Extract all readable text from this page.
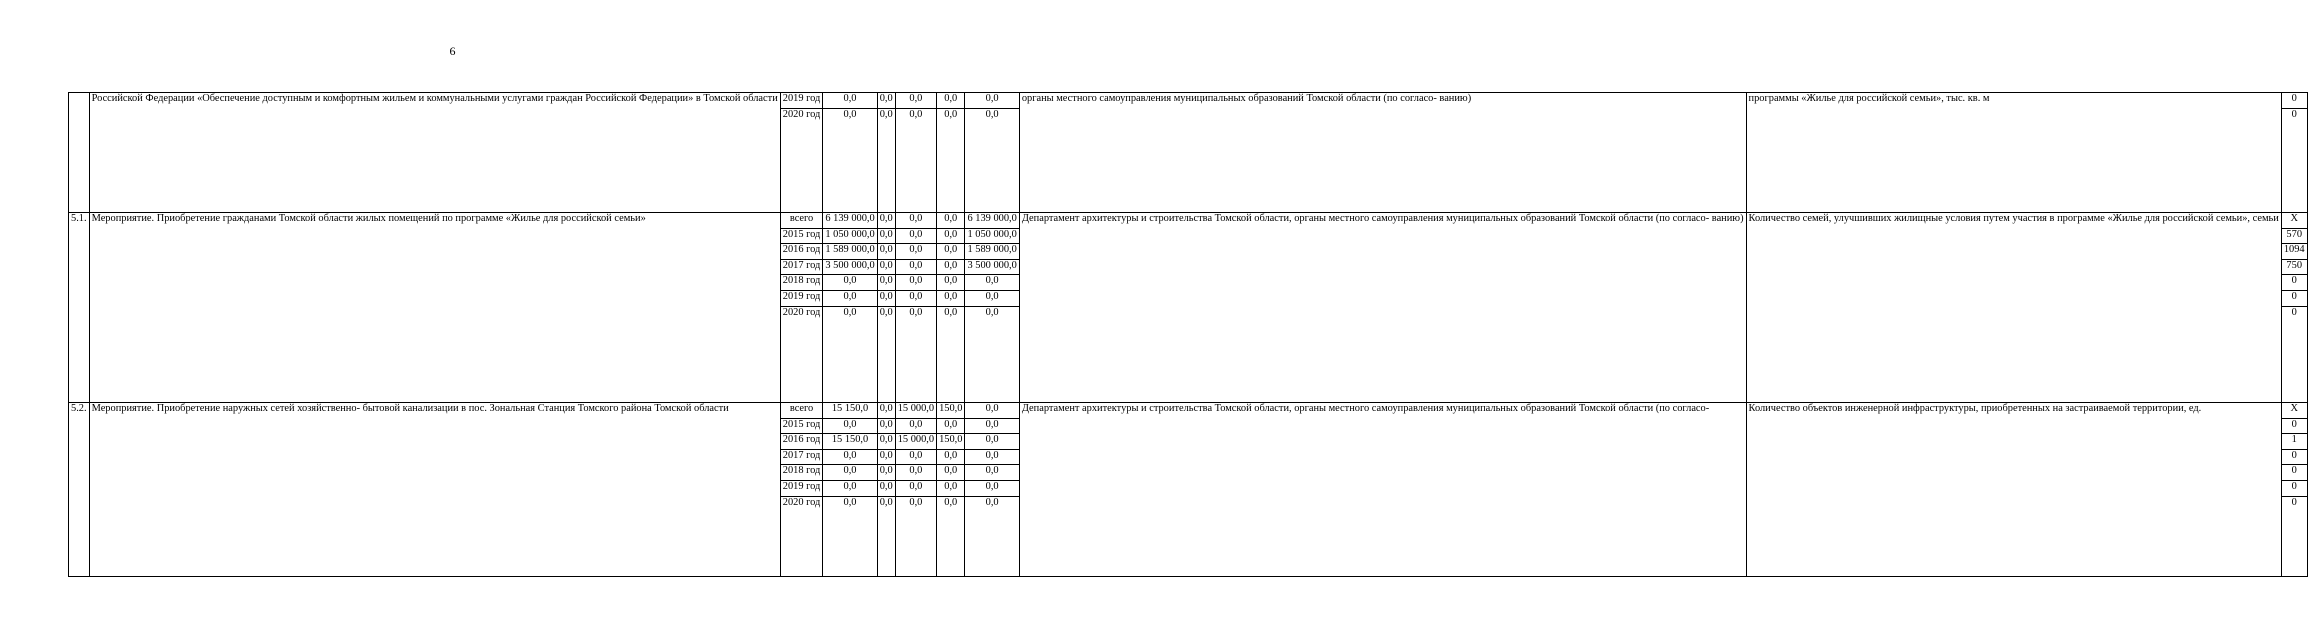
6
	Российской Федерации «Обеспечение доступным и комфортным жильем и коммунальными услугами граждан Российской Федерации» в Томской области	2019 год	0,0	0,0	0,0	0,0	0,0	органы местного самоуправления муниципальных образований Томской области (по согласо- ванию)	программы «Жилье для российской семьи», тыс. кв. м	0
		2020 год	0,0	0,0	0,0	0,0	0,0			0
5.1.	Мероприятие. Приобретение гражданами Томской области жилых помещений по программе «Жилье для российской семьи»	всего	6 139 000,0	0,0	0,0	0,0	6 139 000,0	Департамент архитектуры и строительства Томской области, органы местного самоуправления муниципальных образований Томской области (по согласо- ванию)	Количество семей, улучшивших жилищные условия путем участия в программе «Жилье для российской семьи», семьи	X
		2015 год	1 050 000,0	0,0	0,0	0,0	1 050 000,0			570
		2016 год	1 589 000,0	0,0	0,0	0,0	1 589 000,0			1094
		2017 год	3 500 000,0	0,0	0,0	0,0	3 500 000,0			750
		2018 год	0,0	0,0	0,0	0,0	0,0			0
		2019 год	0,0	0,0	0,0	0,0	0,0			0
		2020 год	0,0	0,0	0,0	0,0	0,0			0
5.2.	Мероприятие. Приобретение наружных сетей хозяйственно- бытовой канализации в пос. Зональная Станция Томского района Томской области	всего	15 150,0	0,0	15 000,0	150,0	0,0	Департамент архитектуры и строительства Томской области, органы местного самоуправления муниципальных образований Томской области (по согласо-	Количество объектов инженерной инфраструктуры, приобретенных на застраиваемой территории, ед.	X
		2015 год	0,0	0,0	0,0	0,0	0,0			0
		2016 год	15 150,0	0,0	15 000,0	150,0	0,0			1
		2017 год	0,0	0,0	0,0	0,0	0,0			0
		2018 год	0,0	0,0	0,0	0,0	0,0			0
		2019 год	0,0	0,0	0,0	0,0	0,0			0
		2020 год	0,0	0,0	0,0	0,0	0,0			0
